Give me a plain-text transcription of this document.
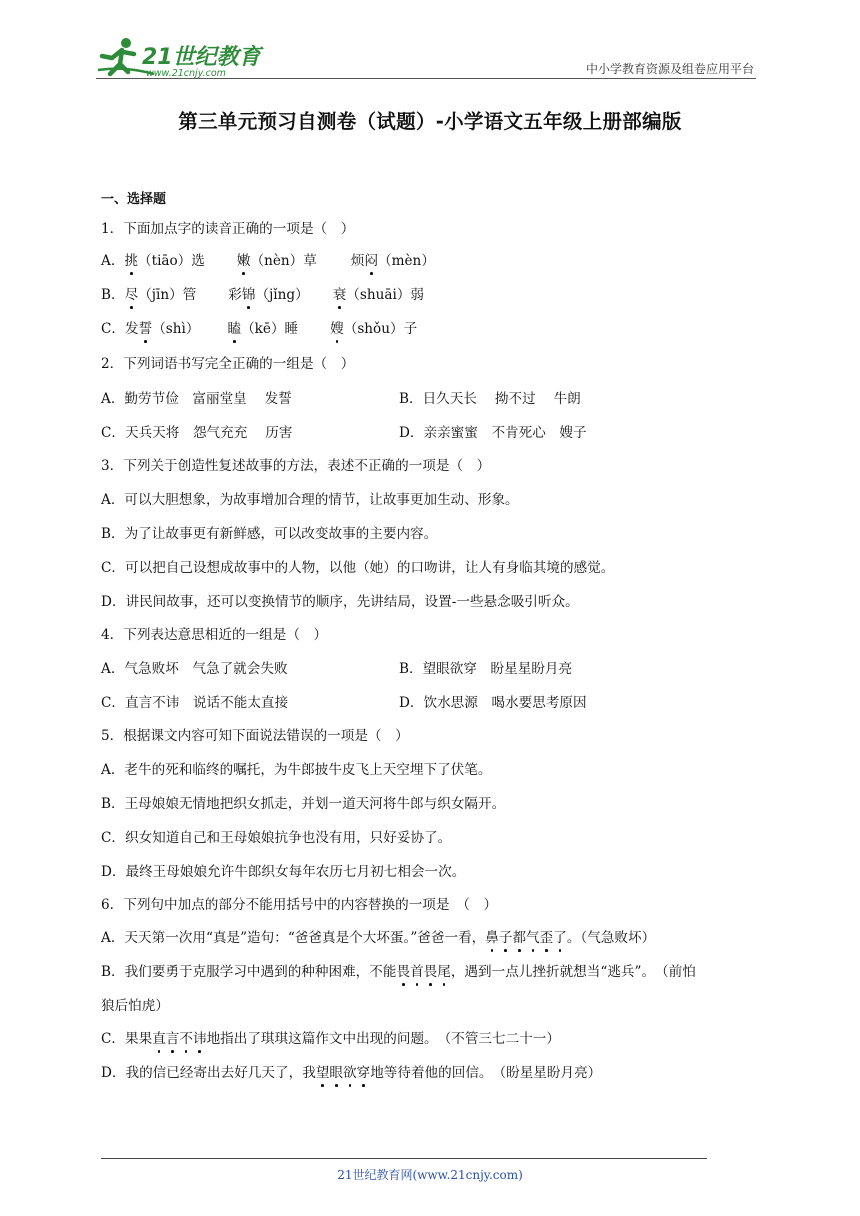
21世纪教育
www.21cnjy.com	中小学教育资源及组卷应用平台
第三单元预习自测卷（试题）-小学语文五年级上册部编版
一、选择题
1．下面加点字的读音正确的一项是（　）
A．挑（tiāo）选 嫩（nèn）草	烦闷（mèn）
B．尽（jīn）管 彩锦（jǐng） 衰（shuāi）弱
C．发誓（shì） 瞌（kē）睡 嫂（shǒu）子
2．下列词语书写完全正确的一组是（　）
A．勤劳节俭　富丽堂皇　 发誓	B．日久天长　 拗不过　 牛朗
C．天兵天将　怨气充充　 历害	D．亲亲蜜蜜　不肯死心　嫂子
3．下列关于创造性复述故事的方法，表述不正确的一项是（　）
A．可以大胆想象，为故事增加合理的情节，让故事更加生动、形象。
B．为了让故事更有新鲜感，可以改变故事的主要内容。
C．可以把自己设想成故事中的人物，以他（她）的口吻讲，让人有身临其境的感觉。
D．讲民间故事，还可以变换情节的顺序，先讲结局，设置-一些悬念吸引听众。
4．下列表达意思相近的一组是（　）
A．气急败坏　气急了就会失败	B．望眼欲穿　盼星星盼月亮
C．直言不讳　说话不能太直接	D．饮水思源　喝水要思考原因
5．根据课文内容可知下面说法错误的一项是（　）
A．老牛的死和临终的嘱托，为牛郎披牛皮飞上天空埋下了伏笔。
B．王母娘娘无情地把织女抓走，并划一道天河将牛郎与织女隔开。
C．织女知道自己和王母娘娘抗争也没有用，只好妥协了。
D．最终王母娘娘允许牛郎织女每年农历七月初七相会一次。
6．下列句中加点的部分不能用括号中的内容替换的一项是　（　）
A．天天第一次用“真是”造句：“爸爸真是个大坏蛋。”爸爸一看，鼻子都气歪了。（气急败坏）
B．我们要勇于克服学习中遇到的种种困难，不能畏首畏尾，遇到一点儿挫折就想当“逃兵”。　（前怕
狼后怕虎）
C．果果直言不讳地指出了琪琪这篇作文中出现的问题。　（不管三七二十一）
D．我的信已经寄出去好几天了，我望眼欲穿地等待着他的回信。　（盼星星盼月亮）
21世纪教育网(www.21cnjy.com)
